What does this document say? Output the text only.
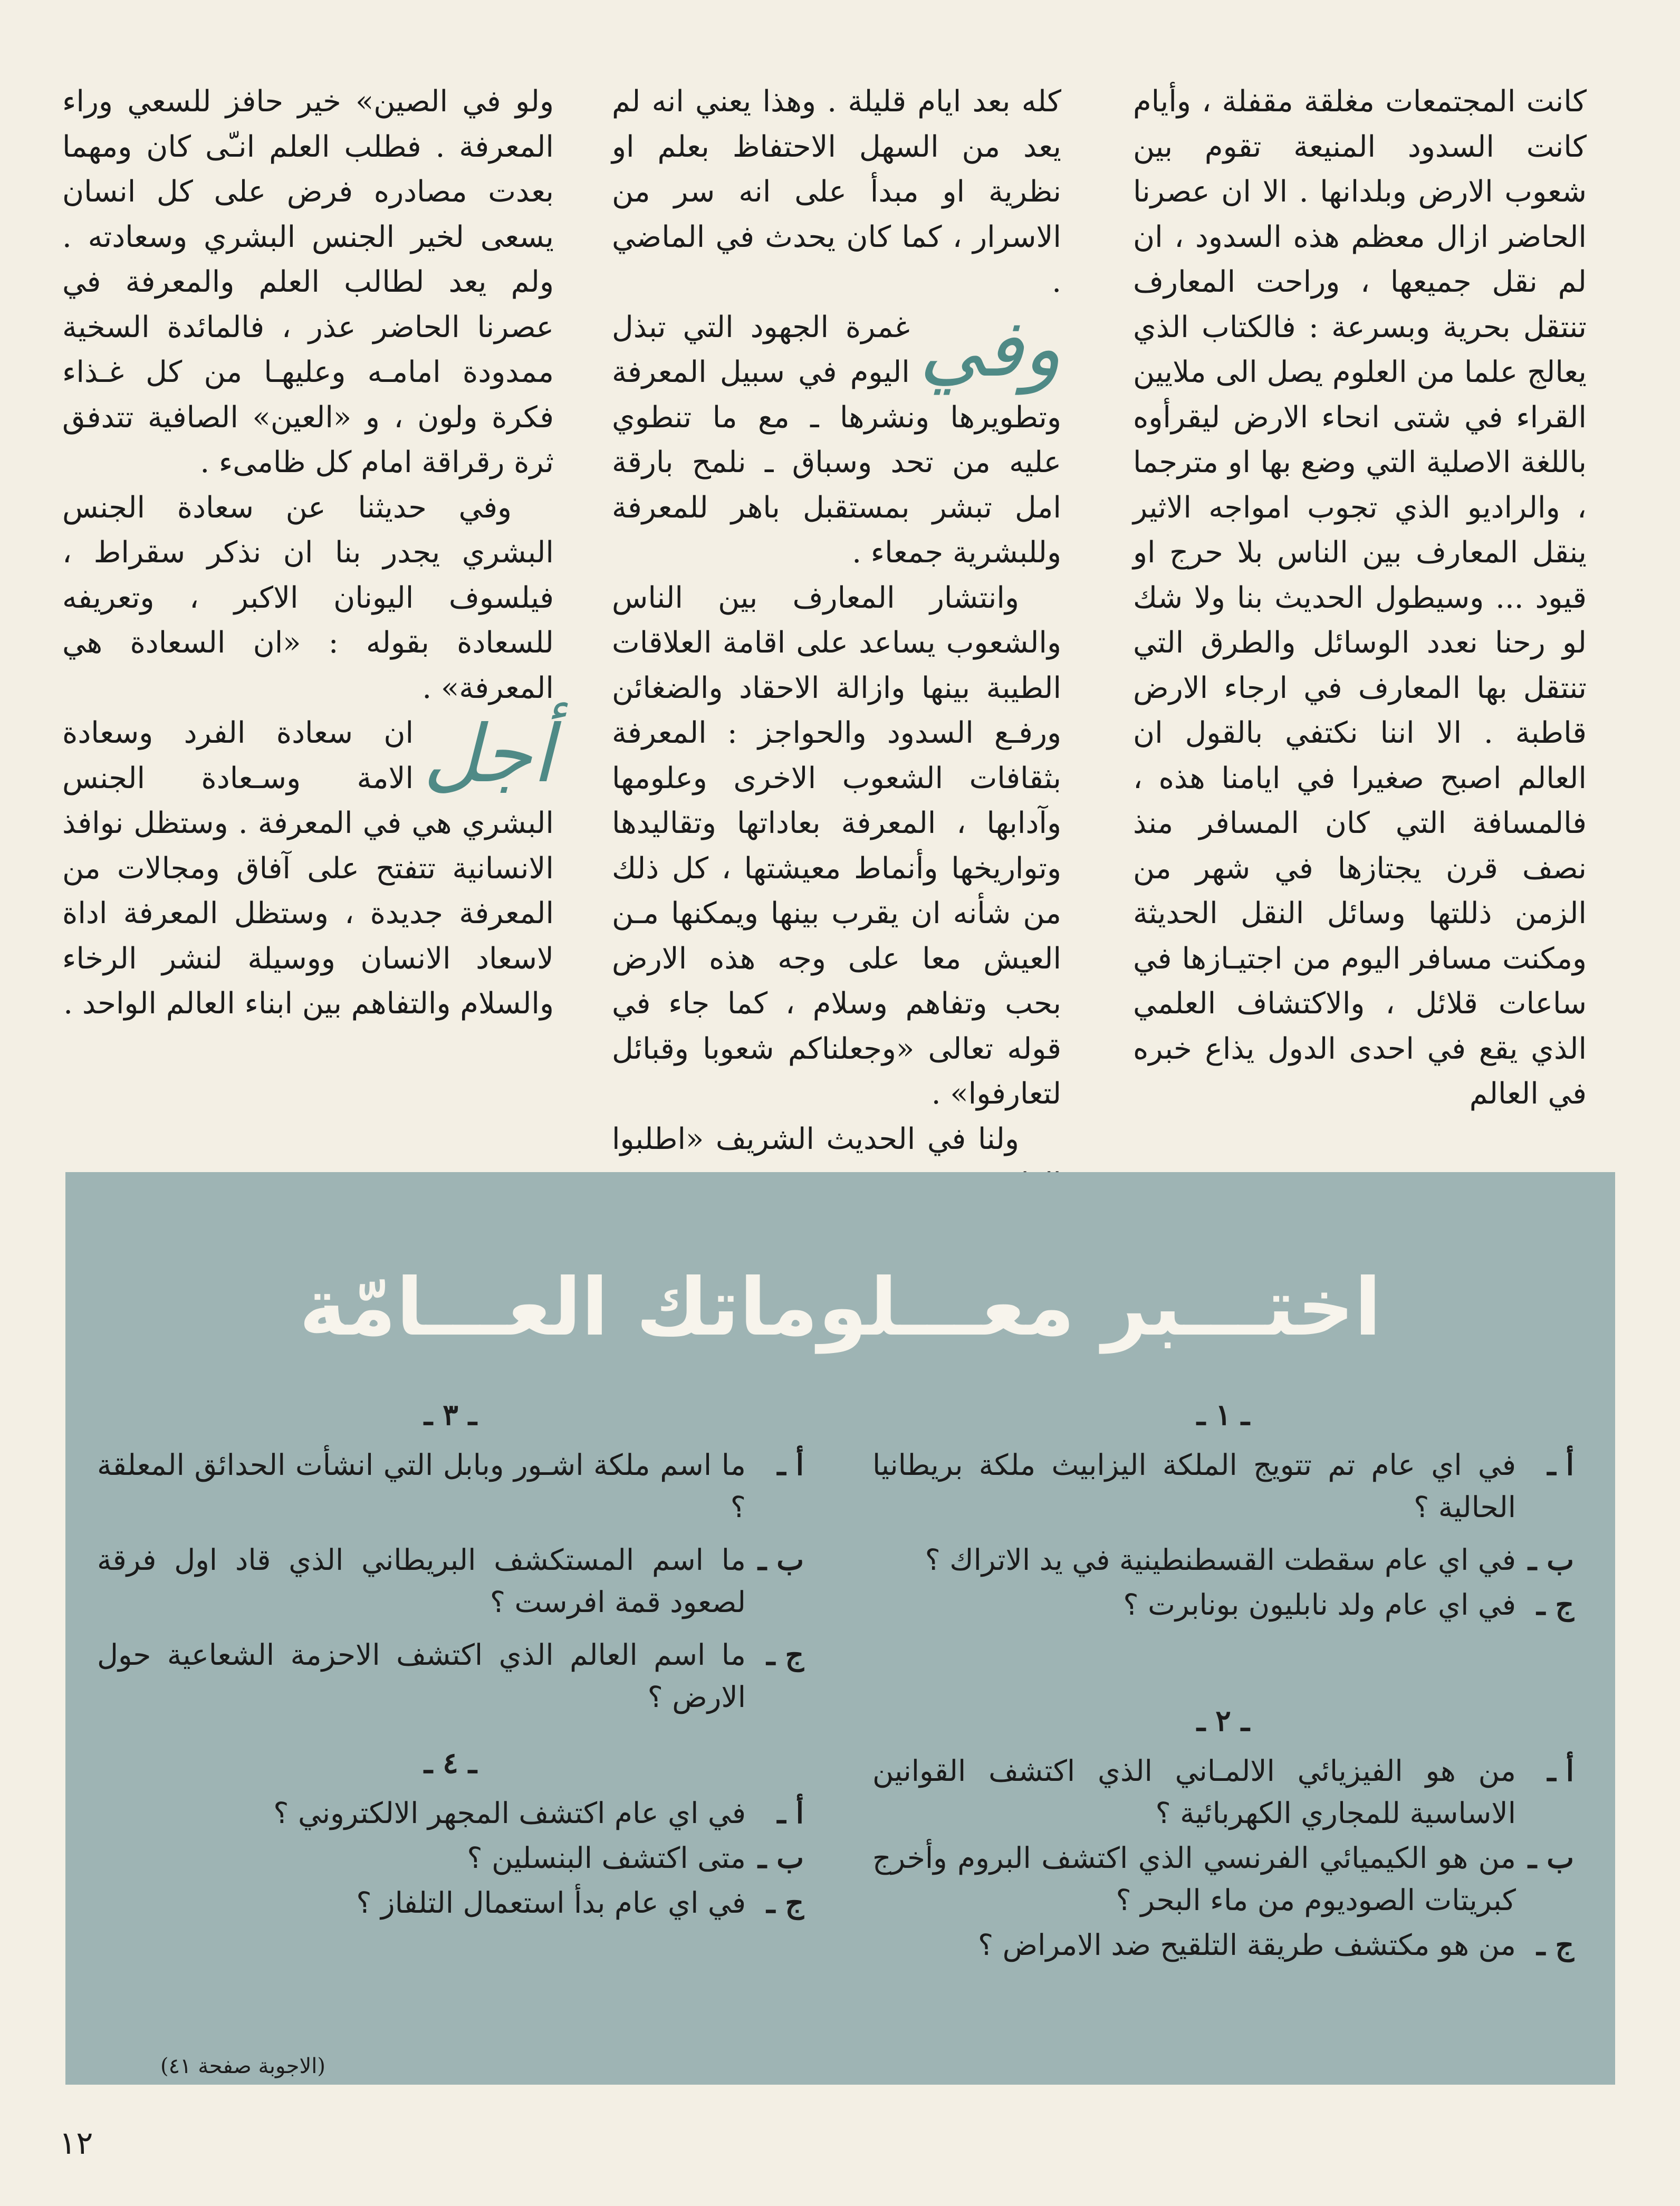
كانت المجتمعات مغلقة مقفلة ، وأيام كانت السدود المنيعة تقوم بين شعوب الارض وبلدانها . الا ان عصرنا الحاضر ازال معظم هذه السدود ، ان لم نقل جميعها ، وراحت المعارف تنتقل بحرية وبسرعة : فالكتاب الذي يعالج علما من العلوم يصل الى ملايين القراء في شتى انحاء الارض ليقرأوه باللغة الاصلية التي وضع بها او مترجما ، والراديو الذي تجوب امواجه الاثير ينقل المعارف بين الناس بلا حرج او قيود ... وسيطول الحديث بنا ولا شك لو رحنا نعدد الوسائل والطرق التي تنتقل بها المعارف في ارجاء الارض قاطبة . الا اننا نكتفي بالقول ان العالم اصبح صغيرا في ايامنا هذه ، فالمسافة التي كان المسافر منذ نصف قرن يجتازها في شهر من الزمن ذللتها وسائل النقل الحديثة ومكنت مسافر اليوم من اجتيـازها في ساعات قلائل ، والاكتشاف العلمي الذي يقع في احدى الدول يذاع خبره في العالم

كله بعد ايام قليلة . وهذا يعني انه لم يعد من السهل الاحتفاظ بعلم او نظرية او مبدأ على انه سر من الاسرار ، كما كان يحدث في الماضي .

وفي
غمرة الجهود التي تبذل اليوم في سبيل المعرفة وتطويرها ونشرها ـ مع ما تنطوي عليه من تحد وسباق ـ نلمح بارقة امل تبشر بمستقبل باهر للمعرفة وللبشرية جمعاء .

وانتشار المعارف بين الناس والشعوب يساعد على اقامة العلاقات الطيبة بينها وازالة الاحقاد والضغائن ورفـع السدود والحواجز : المعرفة بثقافات الشعوب الاخرى وعلومها وآدابها ، المعرفة بعاداتها وتقاليدها وتواريخها وأنماط معيشتها ، كل ذلك من شأنه ان يقرب بينها ويمكنها مـن العيش معا على وجه هذه الارض بحب وتفاهم وسلام ، كما جاء في قوله تعالى «وجعلناكم شعوبا وقبائل لتعارفوا» .

ولنا في الحديث الشريف «اطلبوا

ولو في الصين» خير حافز للسعي وراء المعرفة . فطلب العلم انـّى كان ومهما بعدت مصادره فرض على كل انسان يسعى لخير الجنس البشري وسعادته . ولم يعد لطالب العلم والمعرفة في عصرنا الحاضر عذر ، فالمائدة السخية ممدودة امامـه وعليهـا من كل غـذاء فكرة ولون ، و «العين» الصافية تتدفق ثرة رقراقة امام كل ظامىء .

وفي حديثنا عن سعادة الجنس البشري يجدر بنا ان نذكر سقراط ، فيلسوف اليونان الاكبر ، وتعريفه للسعادة بقوله : «ان السعادة هي المعرفة» .

أجل
ان سعادة الفرد وسعادة الامة وسـعادة الجنس البشري هي في المعرفة . وستظل نوافذ الانسانية تتفتح على آفاق ومجالات من المعرفة جديدة ، وستظل المعرفة اداة لاسعاد الانسان ووسيلة لنشر الرخاء والسلام والتفاهم بين ابناء العالم الواحد .

اختـــبر معـــلوماتك العـــامّة
ـ ١ ـ
أ ـ
في اي عام تم تتويج الملكة اليزابيث ملكة بريطانيا الحالية ؟
ب ـ
في اي عام سقطت القسطنطينية في يد الاتراك ؟
ج ـ
في اي عام ولد نابليون بونابرت ؟
ـ ٢ ـ
أ ـ
من هو الفيزيائي الالمـاني الذي اكتشف القوانين الاساسية للمجاري الكهربائية ؟
ب ـ
من هو الكيميائي الفرنسي الذي اكتشف البروم وأخرج كبريتات الصوديوم من ماء البحر ؟
ج ـ
من هو مكتشف طريقة التلقيح ضد الامراض ؟
ـ ٣ ـ
أ ـ
ما اسم ملكة اشـور وبابل التي انشأت الحدائق المعلقة ؟
ب ـ
ما اسم المستكشف البريطاني الذي قاد اول فرقة لصعود قمة افرست ؟
ج ـ
ما اسم العالم الذي اكتشف الاحزمة الشعاعية حول الارض ؟
ـ ٤ ـ
أ ـ
في اي عام اكتشف المجهر الالكتروني ؟
ب ـ
متى اكتشف البنسلين ؟
ج ـ
في اي عام بدأ استعمال التلفاز ؟
(الاجوبة صفحة ٤١)
١٢
